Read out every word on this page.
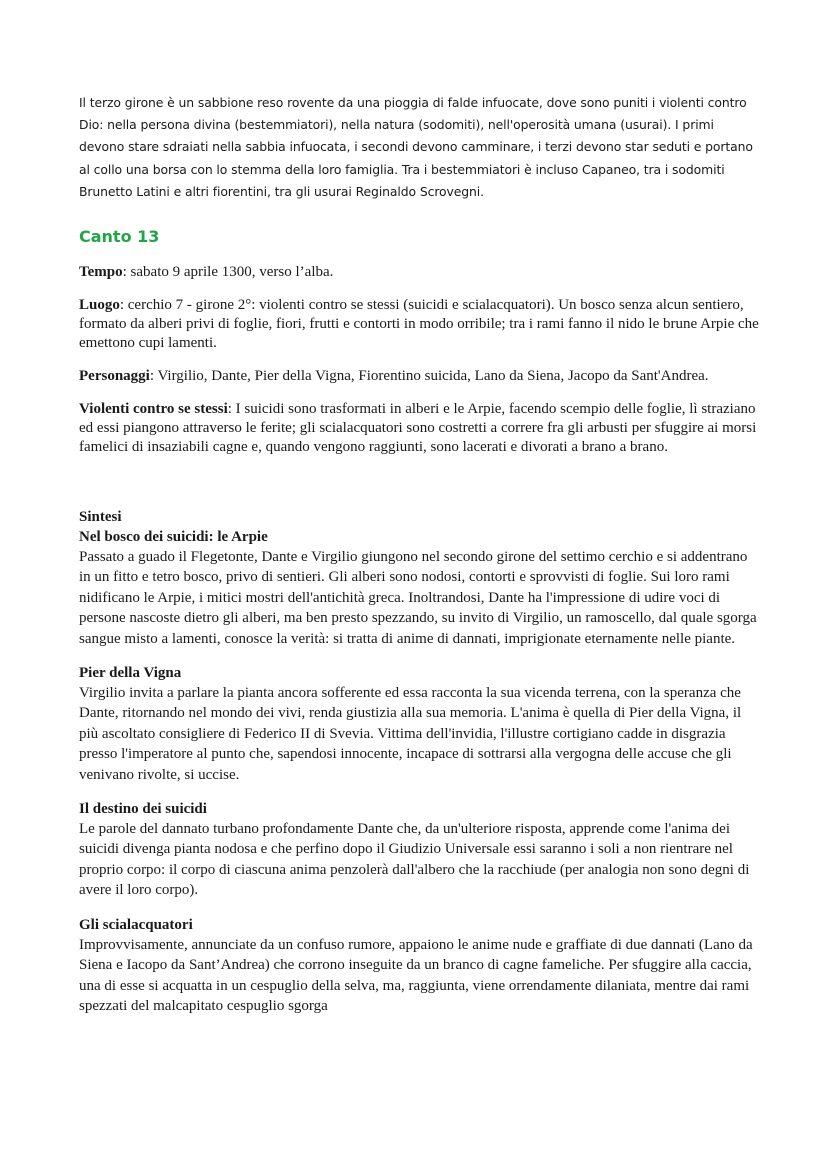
Il terzo girone è un sabbione reso rovente da una pioggia di falde infuocate, dove sono puniti i violenti contro Dio: nella persona divina (bestemmiatori), nella natura (sodomiti), nell'operosità umana (usurai). I primi devono stare sdraiati nella sabbia infuocata, i secondi devono camminare, i terzi devono star seduti e portano al collo una borsa con lo stemma della loro famiglia. Tra i bestemmiatori è incluso Capaneo, tra i sodomiti Brunetto Latini e altri fiorentini, tra gli usurai Reginaldo Scrovegni.

Canto 13

Tempo: sabato 9 aprile 1300, verso l’alba.

Luogo: cerchio 7 - girone 2°: violenti contro se stessi (suicidi e scialacquatori). Un bosco senza alcun sentiero, formato da alberi privi di foglie, fiori, frutti e contorti in modo orribile; tra i rami fanno il nido le brune Arpie che emettono cupi lamenti.

Personaggi: Virgilio, Dante, Pier della Vigna, Fiorentino suicida, Lano da Siena, Jacopo da Sant'Andrea.

Violenti contro se stessi: I suicidi sono trasformati in alberi e le Arpie, facendo scempio delle foglie, lì straziano ed essi piangono attraverso le ferite; gli scialacquatori sono costretti a correre fra gli arbusti per sfuggire ai morsi famelici di insaziabili cagne e, quando vengono raggiunti, sono lacerati e divorati a brano a brano.

Sintesi
Nel bosco dei suicidi: le Arpie

Passato a guado il Flegetonte, Dante e Virgilio giungono nel secondo girone del settimo cerchio e si addentrano in un fitto e tetro bosco, privo di sentieri. Gli alberi sono nodosi, contorti e sprovvisti di foglie. Sui loro rami nidificano le Arpie, i mitici mostri dell'antichità greca. Inoltrandosi, Dante ha l'impressione di udire voci di persone nascoste dietro gli alberi, ma ben presto spezzando, su invito di Virgilio, un ramoscello, dal quale sgorga sangue misto a lamenti, conosce la verità: si tratta di anime di dannati, imprigionate eternamente nelle piante.

Pier della Vigna

Virgilio invita a parlare la pianta ancora sofferente ed essa racconta la sua vicenda terrena, con la speranza che Dante, ritornando nel mondo dei vivi, renda giustizia alla sua memoria. L'anima è quella di Pier della Vigna, il più ascoltato consigliere di Federico II di Svevia. Vittima dell'invidia, l'illustre cortigiano cadde in disgrazia presso l'imperatore al punto che, sapendosi innocente, incapace di sottrarsi alla vergogna delle accuse che gli venivano rivolte, si uccise.

Il destino dei suicidi

Le parole del dannato turbano profondamente Dante che, da un'ulteriore risposta, apprende come l'anima dei suicidi divenga pianta nodosa e che perfino dopo il Giudizio Universale essi saranno i soli a non rientrare nel proprio corpo: il corpo di ciascuna anima penzolerà dall'albero che la racchiude (per analogia non sono degni di avere il loro corpo).

Gli scialacquatori

Improvvisamente, annunciate da un confuso rumore, appaiono le anime nude e graffiate di due dannati (Lano da Siena e Iacopo da Sant’Andrea) che corrono inseguite da un branco di cagne fameliche. Per sfuggire alla caccia, una di esse si acquatta in un cespuglio della selva, ma, raggiunta, viene orrendamente dilaniata, mentre dai rami spezzati del malcapitato cespuglio sgorga
